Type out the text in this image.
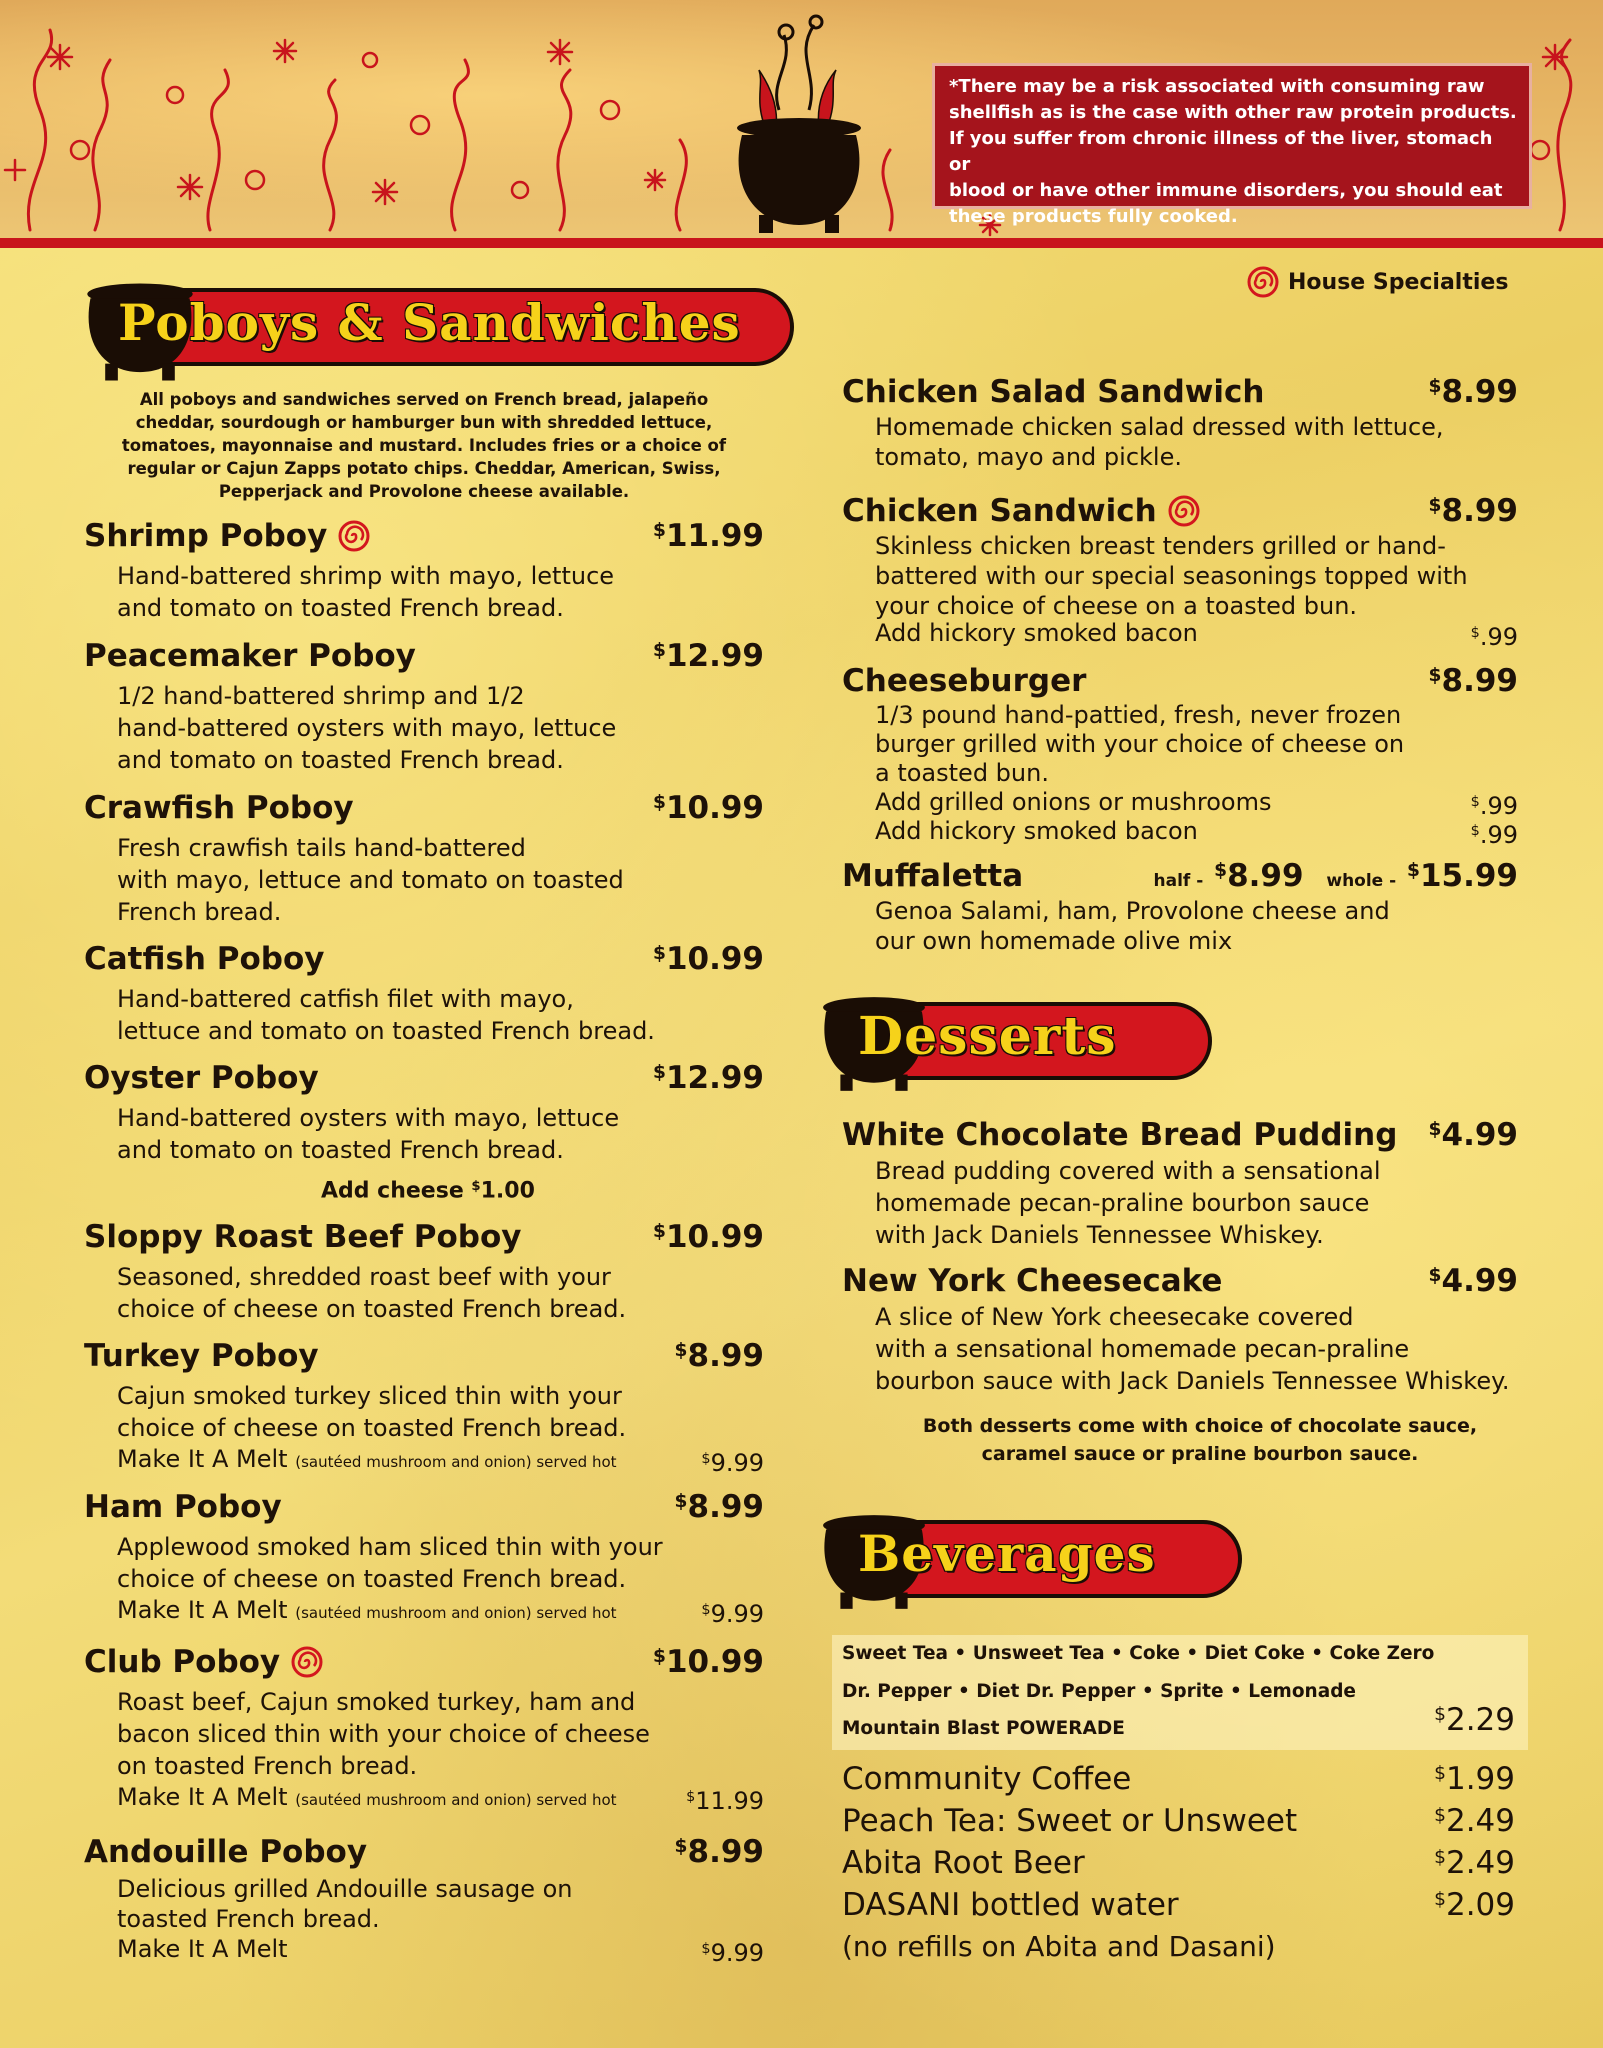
*There may be a risk associated with consuming raw
shellfish as is the case with other raw protein products.
If you suffer from chronic illness of the liver, stomach or
blood or have other immune disorders, you should eat
these products fully cooked.
House Specialties
Poboys & Sandwiches
All poboys and sandwiches served on French bread, jalapeño
cheddar, sourdough or hamburger bun with shredded lettuce,
tomatoes, mayonnaise and mustard. Includes fries or a choice of
regular or Cajun Zapps potato chips. Cheddar, American, Swiss,
Pepperjack and Provolone cheese available.
Shrimp Poboy	$11.99
Hand-battered shrimp with mayo, lettuce
and tomato on toasted French bread.
Peacemaker Poboy	$12.99
1/2 hand-battered shrimp and 1/2
hand-battered oysters with mayo, lettuce
and tomato on toasted French bread.
Crawfish Poboy	$10.99
Fresh crawfish tails hand-battered
with mayo, lettuce and tomato on toasted
French bread.
Catfish Poboy	$10.99
Hand-battered catfish filet with mayo,
lettuce and tomato on toasted French bread.
Oyster Poboy	$12.99
Hand-battered oysters with mayo, lettuce
and tomato on toasted French bread.
Add cheese $1.00
Sloppy Roast Beef Poboy	$10.99
Seasoned, shredded roast beef with your
choice of cheese on toasted French bread.
Turkey Poboy	$8.99
Cajun smoked turkey sliced thin with your
choice of cheese on toasted French bread.
Make It A Melt (sautéed mushroom and onion) served hot	$9.99
Ham Poboy	$8.99
Applewood smoked ham sliced thin with your
choice of cheese on toasted French bread.
Make It A Melt (sautéed mushroom and onion) served hot	$9.99
Club Poboy	$10.99
Roast beef, Cajun smoked turkey, ham and
bacon sliced thin with your choice of cheese
on toasted French bread.
Make It A Melt (sautéed mushroom and onion) served hot	$11.99
Andouille Poboy	$8.99
Delicious grilled Andouille sausage on
toasted French bread.
Make It A Melt	$9.99
Chicken Salad Sandwich	$8.99
Homemade chicken salad dressed with lettuce,
tomato, mayo and pickle.
Chicken Sandwich	$8.99
Skinless chicken breast tenders grilled or hand-
battered with our special seasonings topped with
your choice of cheese on a toasted bun.
Add hickory smoked bacon	$.99
Cheeseburger	$8.99
1/3 pound hand-pattied, fresh, never frozen
burger grilled with your choice of cheese on
a toasted bun.
Add grilled onions or mushrooms	$.99
Add hickory smoked bacon	$.99
Muffaletta	half - $8.99 whole - $15.99
Genoa Salami, ham, Provolone cheese and
our own homemade olive mix
Desserts
White Chocolate Bread Pudding $4.99
Bread pudding covered with a sensational
homemade pecan-praline bourbon sauce
with Jack Daniels Tennessee Whiskey.
New York Cheesecake	$4.99
A slice of New York cheesecake covered
with a sensational homemade pecan-praline
bourbon sauce with Jack Daniels Tennessee Whiskey.
Both desserts come with choice of chocolate sauce,
caramel sauce or praline bourbon sauce.
Beverages
Sweet Tea • Unsweet Tea • Coke • Diet Coke • Coke Zero
Dr. Pepper • Diet Dr. Pepper • Sprite • Lemonade
Mountain Blast POWERADE
$2.29
Community Coffee	$1.99
Peach Tea: Sweet or Unsweet	$2.49
Abita Root Beer	$2.49
DASANI bottled water	$2.09
(no refills on Abita and Dasani)
